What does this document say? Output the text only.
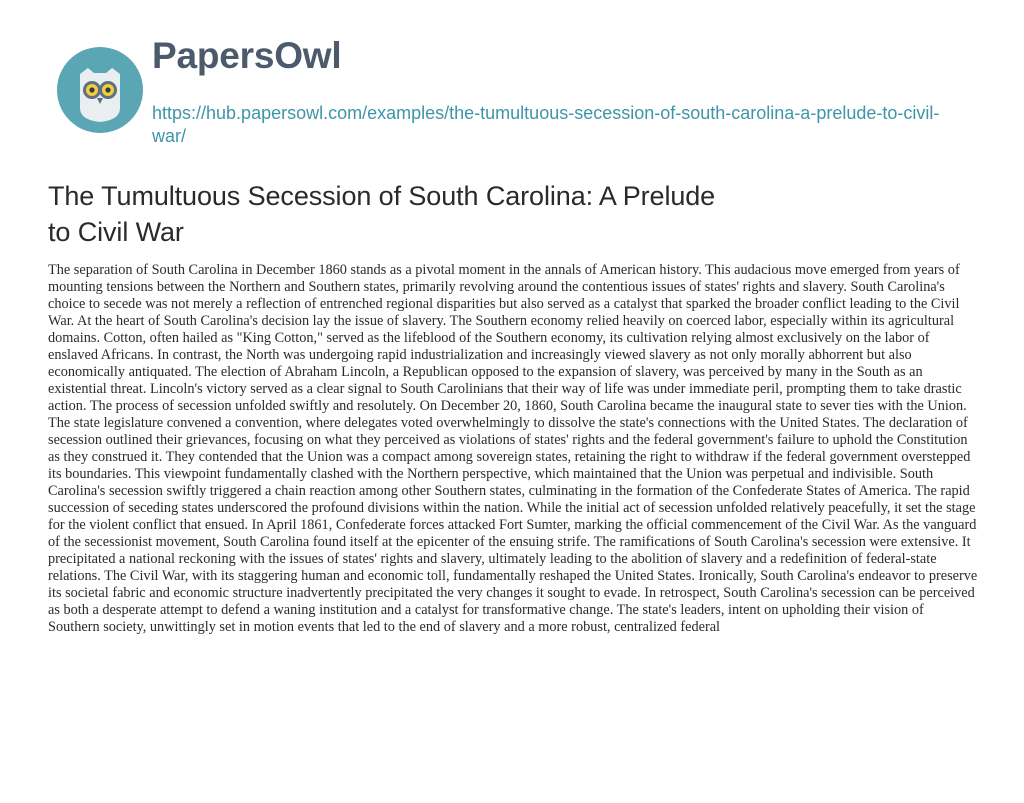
PapersOwl
https://hub.papersowl.com/examples/the-tumultuous-secession-of-south-carolina-a-prelude-to-civil-war/
The Tumultuous Secession of South Carolina: A Prelude to Civil War

The separation of South Carolina in December 1860 stands as a pivotal moment in the annals of American history. This audacious move emerged from years of mounting tensions between the Northern and Southern states, primarily revolving around the contentious issues of states' rights and slavery. South Carolina's choice to secede was not merely a reflection of entrenched regional disparities but also served as a catalyst that sparked the broader conflict leading to the Civil War. At the heart of South Carolina's decision lay the issue of slavery. The Southern economy relied heavily on coerced labor, especially within its agricultural domains. Cotton, often hailed as "King Cotton," served as the lifeblood of the Southern economy, its cultivation relying almost exclusively on the labor of enslaved Africans. In contrast, the North was undergoing rapid industrialization and increasingly viewed slavery as not only morally abhorrent but also economically antiquated. The election of Abraham Lincoln, a Republican opposed to the expansion of slavery, was perceived by many in the South as an existential threat. Lincoln's victory served as a clear signal to South Carolinians that their way of life was under immediate peril, prompting them to take drastic action. The process of secession unfolded swiftly and resolutely. On December 20, 1860, South Carolina became the inaugural state to sever ties with the Union. The state legislature convened a convention, where delegates voted overwhelmingly to dissolve the state's connections with the United States. The declaration of secession outlined their grievances, focusing on what they perceived as violations of states' rights and the federal government's failure to uphold the Constitution as they construed it. They contended that the Union was a compact among sovereign states, retaining the right to withdraw if the federal government overstepped its boundaries. This viewpoint fundamentally clashed with the Northern perspective, which maintained that the Union was perpetual and indivisible. South Carolina's secession swiftly triggered a chain reaction among other Southern states, culminating in the formation of the Confederate States of America. The rapid succession of seceding states underscored the profound divisions within the nation. While the initial act of secession unfolded relatively peacefully, it set the stage for the violent conflict that ensued. In April 1861, Confederate forces attacked Fort Sumter, marking the official commencement of the Civil War. As the vanguard of the secessionist movement, South Carolina found itself at the epicenter of the ensuing strife. The ramifications of South Carolina's secession were extensive. It precipitated a national reckoning with the issues of states' rights and slavery, ultimately leading to the abolition of slavery and a redefinition of federal-state relations. The Civil War, with its staggering human and economic toll, fundamentally reshaped the United States. Ironically, South Carolina's endeavor to preserve its societal fabric and economic structure inadvertently precipitated the very changes it sought to evade. In retrospect, South Carolina's secession can be perceived as both a desperate attempt to defend a waning institution and a catalyst for transformative change. The state's leaders, intent on upholding their vision of Southern society, unwittingly set in motion events that led to the end of slavery and a more robust, centralized federal
